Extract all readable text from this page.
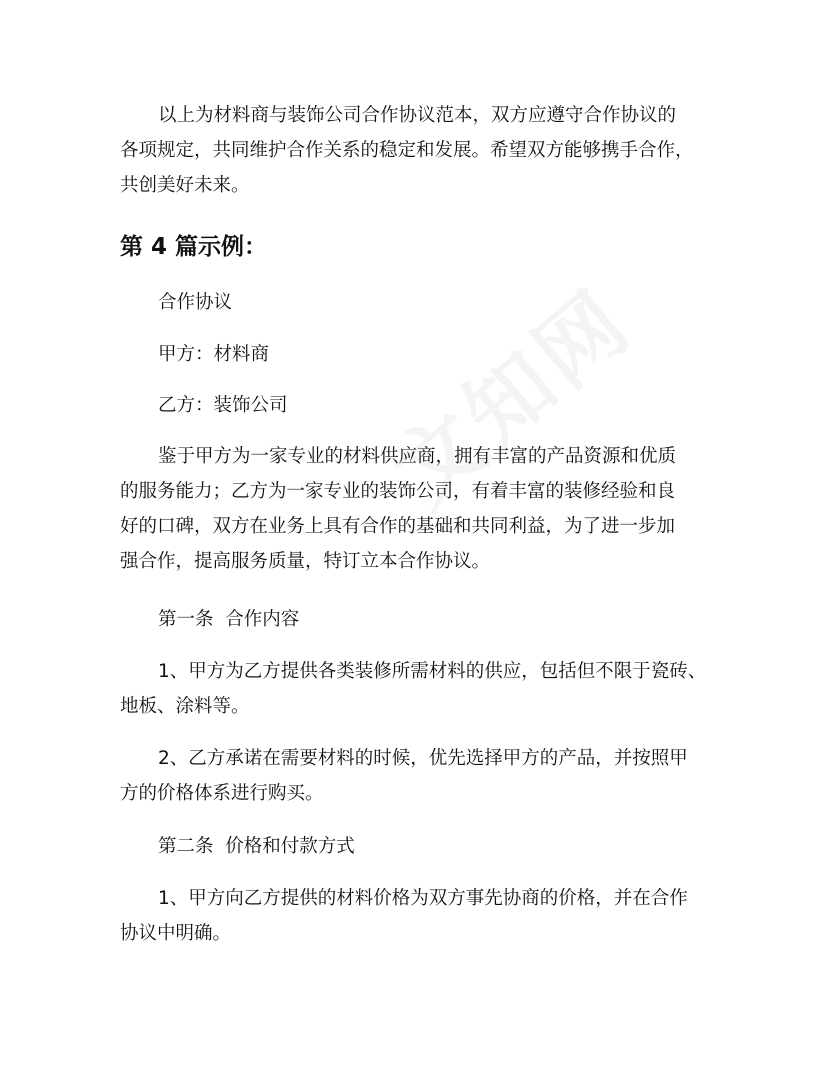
以上为材料商与装饰公司合作协议范本，双方应遵守合作协议的
各项规定，共同维护合作关系的稳定和发展。希望双方能够携手合作，
共创美好未来。

第 4 篇示例：

合作协议

甲方：材料商

乙方：装饰公司

鉴于甲方为一家专业的材料供应商，拥有丰富的产品资源和优质
的服务能力；乙方为一家专业的装饰公司，有着丰富的装修经验和良
好的口碑，双方在业务上具有合作的基础和共同利益，为了进一步加
强合作，提高服务质量，特订立本合作协议。

第一条  合作内容

1、甲方为乙方提供各类装修所需材料的供应，包括但不限于瓷砖、
地板、涂料等。

2、乙方承诺在需要材料的时候，优先选择甲方的产品，并按照甲
方的价格体系进行购买。

第二条  价格和付款方式

1、甲方向乙方提供的材料价格为双方事先协商的价格，并在合作
协议中明确。
